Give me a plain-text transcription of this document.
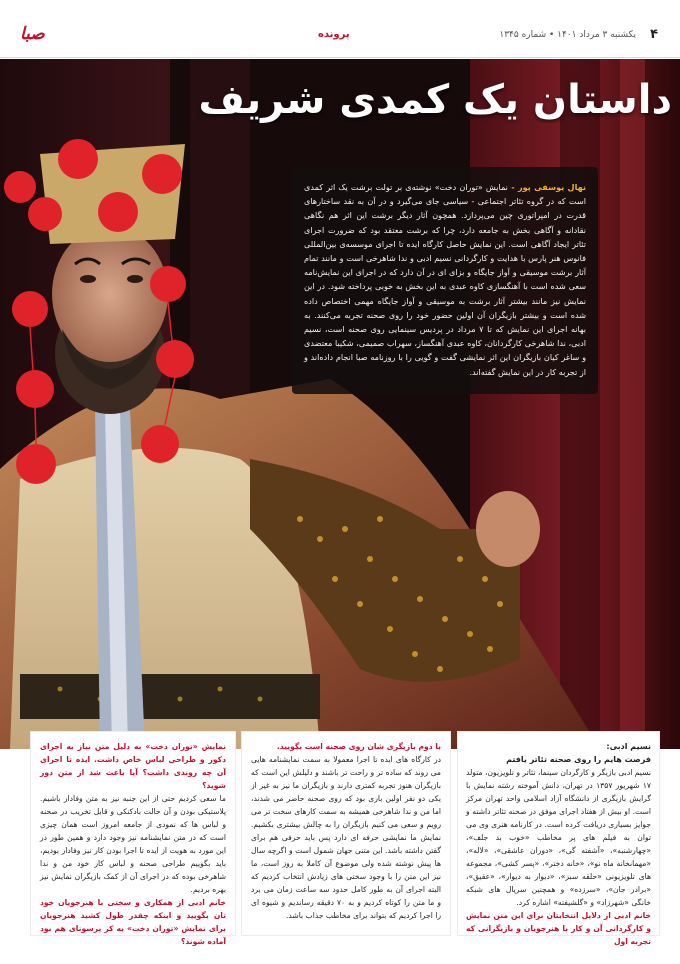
۴
یکشنبه ۳ مرداد ۱۴۰۱ • شماره ۱۳۴۵
پرونده
صبا
داستان یک کمدی شریف
نهال یوسفی پور - نمایش «توران دخت» نوشته‌ی بر تولت برشت یک اثر کمدی است که در گروه تئاتر اجتماعی - سیاسی جای می‌گیرد و در آن به نقد ساختارهای قدرت در امپراتوری چین می‌پردازد. همچون آثار دیگر برشت این اثر هم نگاهی نقادانه و آگاهی بخش به جامعه دارد، چرا که برشت معتقد بود که ضرورت اجرای تئاتر ایجاد آگاهی است. این نمایش حاصل کارگاه ایده تا اجرای موسسه‌ی بین‌المللی فانوس هنر پارس با هدایت و کارگردانی نسیم ادبی و ندا شاهرخی است و مانند تمام آثار برشت موسیقی و آواز جایگاه و بزای ای در آن دارد که در اجرای این نمایش‌نامه سعی شده است با آهنگسازی کاوه عبدی به این بخش به خوبی پرداخته شود. در این نمایش نیز مانند بیشتر آثار برشت به موسیقی و آواز جایگاه مهمی اختصاص داده شده است و بیشتر بازیگران آن اولین حضور خود را روی صحنه تجربه می‌کنند. به بهانه اجرای این نمایش که تا ۷ مرداد در پردیس سینمایی روی صحنه است، نسیم ادبی، ندا شاهرخی کارگردانان، کاوه عبدی آهنگساز، سهراب صمیمی، شکیبا معتضدی و ساغر کیان بازیگران این اثر نمایشی گفت و گویی را با روزنامه صبا انجام داده‌اند و از تجربه کار در این نمایش گفته‌اند.

نسیم ادبی:

فرصت هایم را روی صحنه تئاتر یافتم

نسیم ادبی بازیگر و کارگردان سینما، تئاتر و تلویزیون، متولد ۱۷ شهریور ۱۳۵۷ در تهران، دانش آموخته رشته نمایش با گرایش بازیگری از دانشگاه آزاد اسلامی واحد تهران مرکز است. او بیش از هفتاد اجرای موفق در صحنه تئاتر داشته و جوایز بسیاری دریافت کرده است. در کارنامه هنری وی می توان به فیلم های پر مخاطب «خوب بد جلف»، «چهارشنبه»، «آشفته گی»، «دوران عاشقی»، «لاله»، «مهمانخانه ماه نو»، «خانه دختر»، «پسر کشی»، مجموعه های تلویزیونی «حلقه سبز»، «دیوار به دیوار»، «عقیق»، «برادر جان»، «سرزده» و همچنین سریال های شبکه خانگی «شهرزاد» و «گلشیفته» اشاره کرد.

خانم ادبی از دلایل انتخابتان برای این متن نمایش و کارگردانی آن و کار با هنرجویان و بازیگرانی که تجربه اول

با دوم بازیگری شان روی صحنه است بگویید.

در کارگاه های ایده تا اجرا معمولا به سمت نمایشنامه هایی می روند که ساده تر و راحت تر باشند و دلیلش این است که بازیگران هنوز تجربه کمتری دارند و بازیگران ما نیز به غیر از یکی دو نفر اولین باری بود که روی صحنه حاضر می شدند، اما من و ندا شاهرخی همیشه به سمت کارهای سخت تر می رویم و سعی می کنیم بازیگران را به چالش بیشتری بکشیم. نمایش ما نمایشی حرفه ای دارد پس باید حرفی هم برای گفتن داشته باشد. این متنی جهان شمول است و اگرچه سال ها پیش نوشته شده ولی موضوع آن کاملا به روز است، ما نیز این متن را با وجود سختی های زیادش انتخاب کردیم که البته اجرای آن به طور کامل حدود سه ساعت زمان می برد و ما متن را کوتاه کردیم و به ۷۰ دقیقه رساندیم و شیوه ای را اجرا کردیم که بتواند برای مخاطب جذاب باشد.

نمایش «توران دخت» به دلیل متن نیاز به اجرای دکور و طراحی لباس خاص داشت. ایده تا اجرای آن چه روندی داشت؟ آیا باعث شد از متن دور شوید؟

ما سعی کردیم حتی از این جنبه نیز به متن وفادار باشیم. پلاستیکی بودن و آن حالت بادکنکی و قابل تخریب در صحنه و لباس ها که نمودی از جامعه امروز است همان چیزی است که در متن نمایشنامه نیز وجود دارد و همین طور در این مورد به هویت از ایده تا اجرا بودن کار نیز وفادار بودیم، باید بگوییم طراحی صحنه و لباس کار خود من و ندا شاهرخی بوده که در اجرای آن از کمک بازیگران نمایش نیز بهره بردیم.

خانم ادبی از همکاری و سختی با هنرجویان خود تان بگویید و اینکه چقدر طول کشید هنرجویان برای نمایش «توران دخت» به کر پرسونای هم بود آماده شوند؟
